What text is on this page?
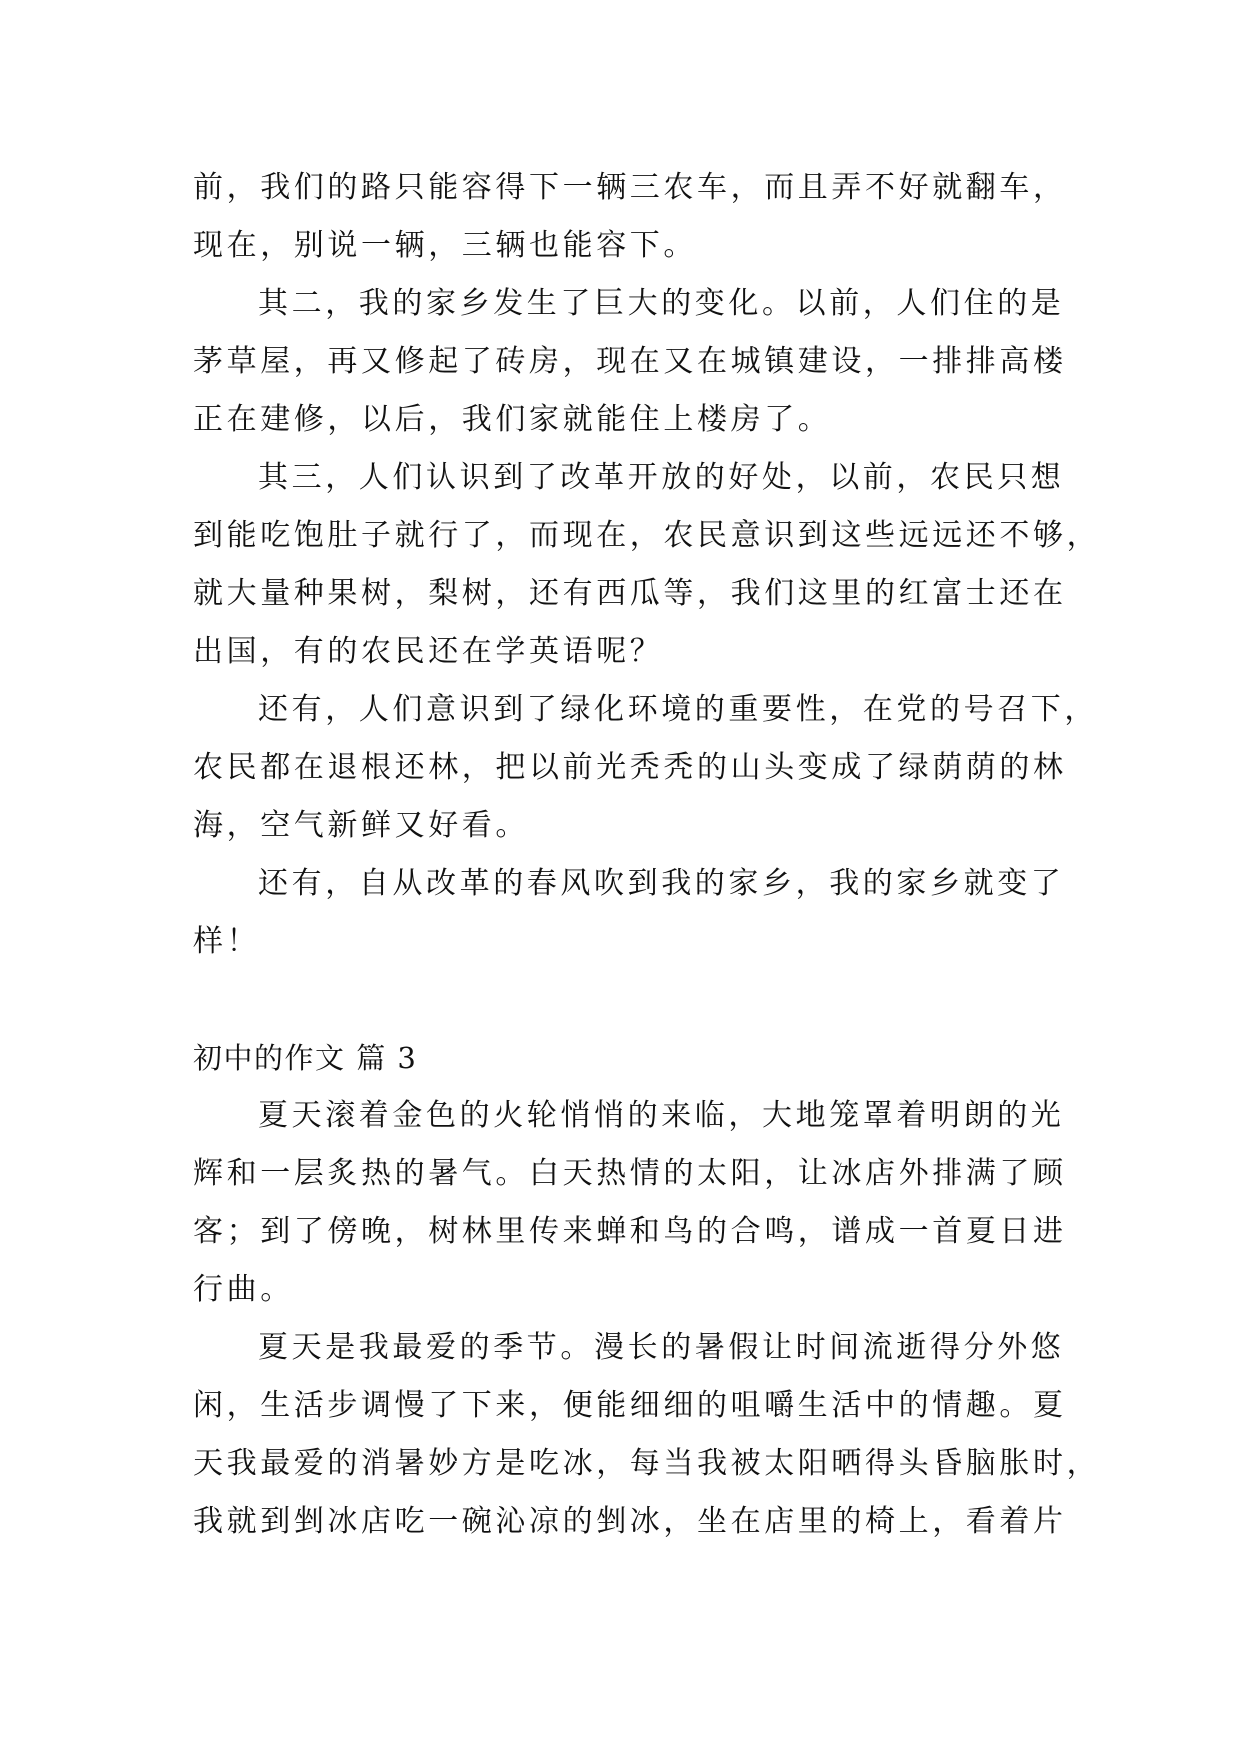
前，我们的路只能容得下一辆三农车，而且弄不好就翻车，
现在，别说一辆，三辆也能容下。
其二，我的家乡发生了巨大的变化。以前，人们住的是
茅草屋，再又修起了砖房，现在又在城镇建设，一排排高楼
正在建修，以后，我们家就能住上楼房了。
其三，人们认识到了改革开放的好处，以前，农民只想
到能吃饱肚子就行了，而现在，农民意识到这些远远还不够，
就大量种果树，梨树，还有西瓜等，我们这里的红富士还在
出国，有的农民还在学英语呢？
还有，人们意识到了绿化环境的重要性，在党的号召下，
农民都在退根还林，把以前光秃秃的山头变成了绿荫荫的林
海，空气新鲜又好看。
还有，自从改革的春风吹到我的家乡，我的家乡就变了
样！
初中的作文 篇 3
夏天滚着金色的火轮悄悄的来临，大地笼罩着明朗的光
辉和一层炙热的暑气。白天热情的太阳，让冰店外排满了顾
客；到了傍晚，树林里传来蝉和鸟的合鸣，谱成一首夏日进
行曲。
夏天是我最爱的季节。漫长的暑假让时间流逝得分外悠
闲，生活步调慢了下来，便能细细的咀嚼生活中的情趣。夏
天我最爱的消暑妙方是吃冰，每当我被太阳晒得头昏脑胀时，
我就到剉冰店吃一碗沁凉的剉冰，坐在店里的椅上，看着片
